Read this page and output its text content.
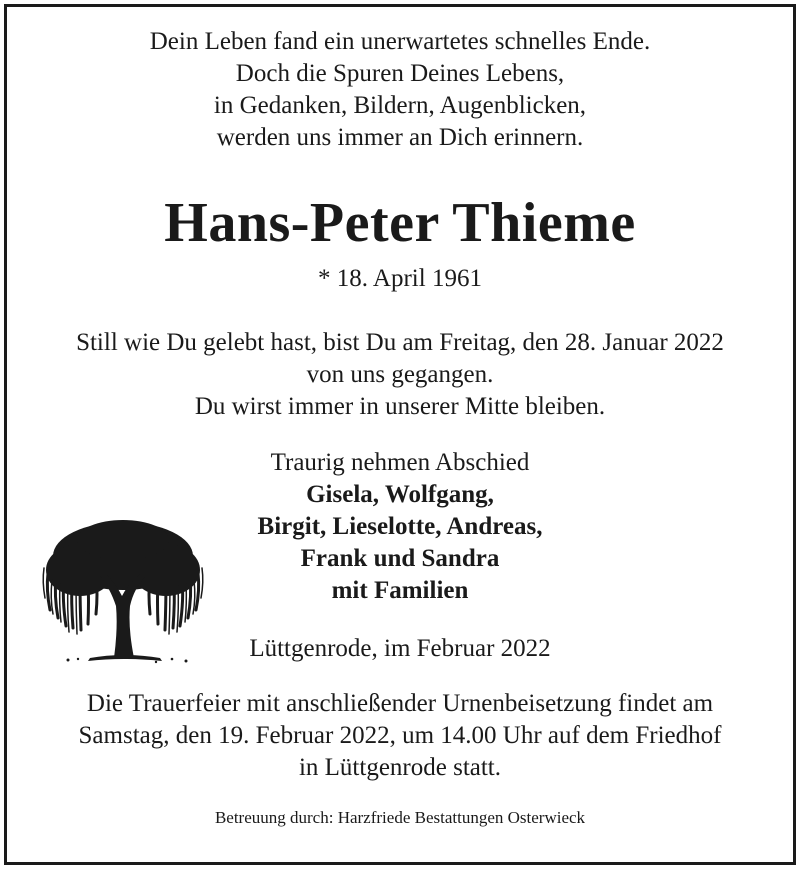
Dein Leben fand ein unerwartetes schnelles Ende.
Doch die Spuren Deines Lebens,
in Gedanken, Bildern, Augenblicken,
werden uns immer an Dich erinnern.
Hans-Peter Thieme
* 18. April 1961
Still wie Du gelebt hast, bist Du am Freitag, den 28. Januar 2022
von uns gegangen.
Du wirst immer in unserer Mitte bleiben.
Traurig nehmen Abschied
Gisela, Wolfgang,
Birgit, Lieselotte, Andreas,
Frank und Sandra
mit Familien
Lüttgenrode, im Februar 2022
Die Trauerfeier mit anschließender Urnenbeisetzung findet am
Samstag, den 19. Februar 2022, um 14.00 Uhr auf dem Friedhof
in Lüttgenrode statt.
Betreuung durch: Harzfriede Bestattungen Osterwieck
